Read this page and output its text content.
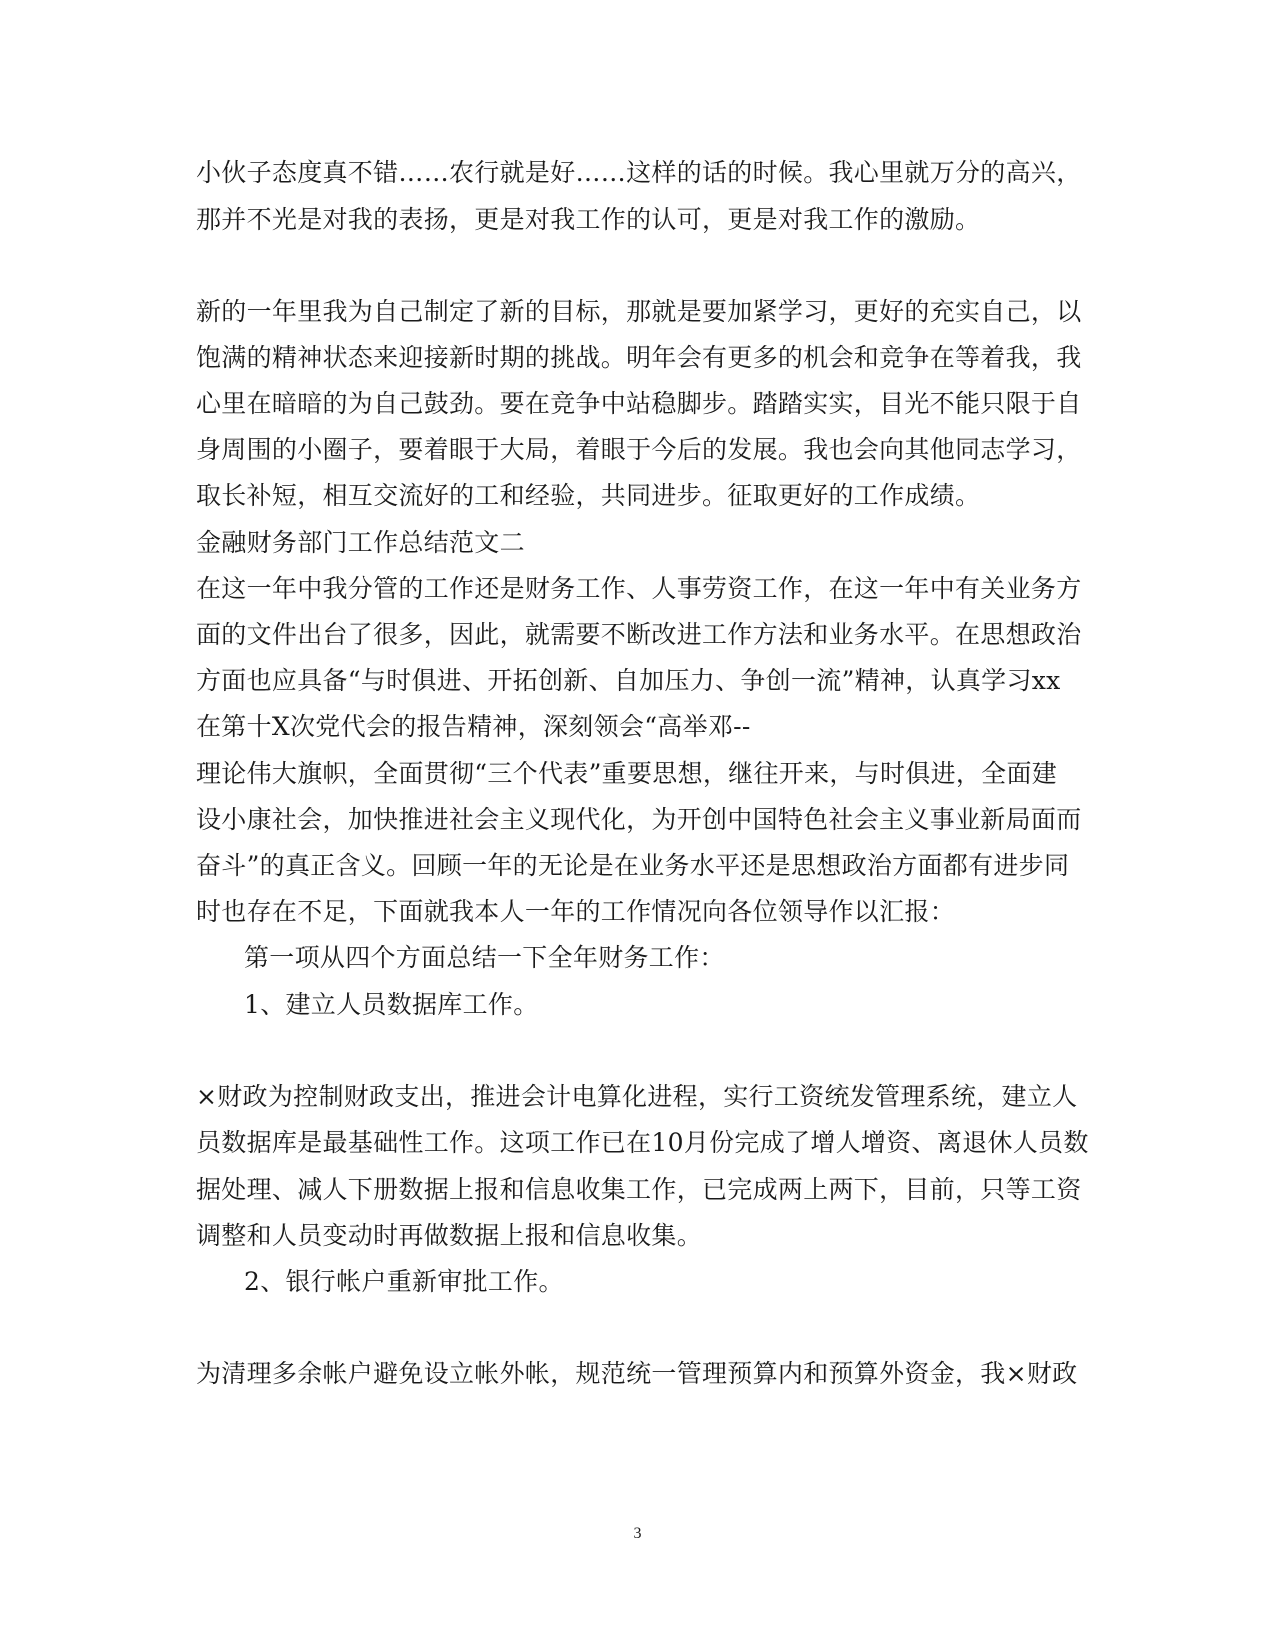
小伙子态度真不错……农行就是好……这样的话的时候。我心里就万分的高兴，
那并不光是对我的表扬，更是对我工作的认可，更是对我工作的激励。
新的一年里我为自己制定了新的目标，那就是要加紧学习，更好的充实自己，以
饱满的精神状态来迎接新时期的挑战。明年会有更多的机会和竞争在等着我，我
心里在暗暗的为自己鼓劲。要在竞争中站稳脚步。踏踏实实，目光不能只限于自
身周围的小圈子，要着眼于大局，着眼于今后的发展。我也会向其他同志学习，
取长补短，相互交流好的工和经验，共同进步。征取更好的工作成绩。
金融财务部门工作总结范文二
在这一年中我分管的工作还是财务工作、人事劳资工作，在这一年中有关业务方
面的文件出台了很多，因此，就需要不断改进工作方法和业务水平。在思想政治
方面也应具备“与时俱进、开拓创新、自加压力、争创一流”精神，认真学习xx
在第十X次党代会的报告精神，深刻领会“高举邓--
理论伟大旗帜，全面贯彻“三个代表”重要思想，继往开来，与时俱进，全面建
设小康社会，加快推进社会主义现代化，为开创中国特色社会主义事业新局面而
奋斗”的真正含义。回顾一年的无论是在业务水平还是思想政治方面都有进步同
时也存在不足，下面就我本人一年的工作情况向各位领导作以汇报：
第一项从四个方面总结一下全年财务工作：
1、建立人员数据库工作。
×财政为控制财政支出，推进会计电算化进程，实行工资统发管理系统，建立人
员数据库是最基础性工作。这项工作已在10月份完成了增人增资、离退休人员数
据处理、减人下册数据上报和信息收集工作，已完成两上两下，目前，只等工资
调整和人员变动时再做数据上报和信息收集。
2、银行帐户重新审批工作。
为清理多余帐户避免设立帐外帐，规范统一管理预算内和预算外资金，我×财政
3
